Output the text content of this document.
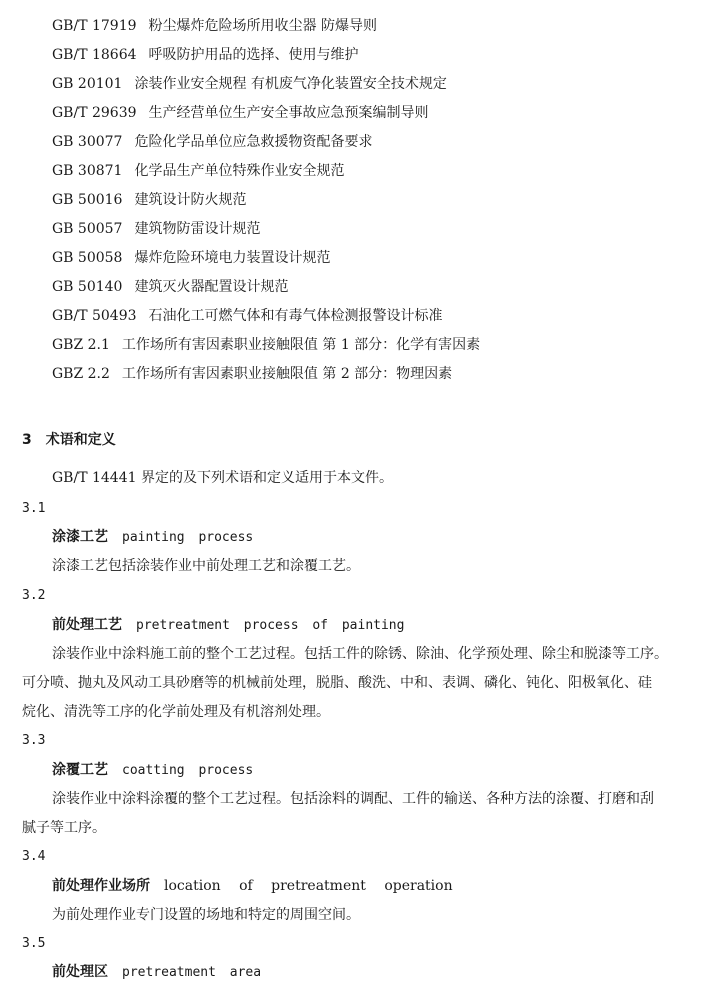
GB/T 17919 粉尘爆炸危险场所用收尘器 防爆导则
GB/T 18664 呼吸防护用品的选择、使用与维护
GB 20101 涂装作业安全规程 有机废气净化装置安全技术规定
GB/T 29639 生产经营单位生产安全事故应急预案编制导则
GB 30077 危险化学品单位应急救援物资配备要求
GB 30871 化学品生产单位特殊作业安全规范
GB 50016 建筑设计防火规范
GB 50057 建筑物防雷设计规范
GB 50058 爆炸危险环境电力装置设计规范
GB 50140 建筑灭火器配置设计规范
GB/T 50493 石油化工可燃气体和有毒气体检测报警设计标准
GBZ 2.1 工作场所有害因素职业接触限值 第 1 部分：化学有害因素
GBZ 2.2 工作场所有害因素职业接触限值 第 2 部分：物理因素
3 术语和定义
GB/T 14441 界定的及下列术语和定义适用于本文件。
3.1
涂漆工艺 painting process
涂漆工艺包括涂装作业中前处理工艺和涂覆工艺。
3.2
前处理工艺 pretreatment process of painting
涂装作业中涂料施工前的整个工艺过程。包括工件的除锈、除油、化学预处理、除尘和脱漆等工序。
可分喷、抛丸及风动工具砂磨等的机械前处理，脱脂、酸洗、中和、表调、磷化、钝化、阳极氧化、硅
烷化、清洗等工序的化学前处理及有机溶剂处理。
3.3
涂覆工艺 coatting process
涂装作业中涂料涂覆的整个工艺过程。包括涂料的调配、工件的输送、各种方法的涂覆、打磨和刮
腻子等工序。
3.4
前处理作业场所 location of pretreatment operation
为前处理作业专门设置的场地和特定的周围空间。
3.5
前处理区 pretreatment area
